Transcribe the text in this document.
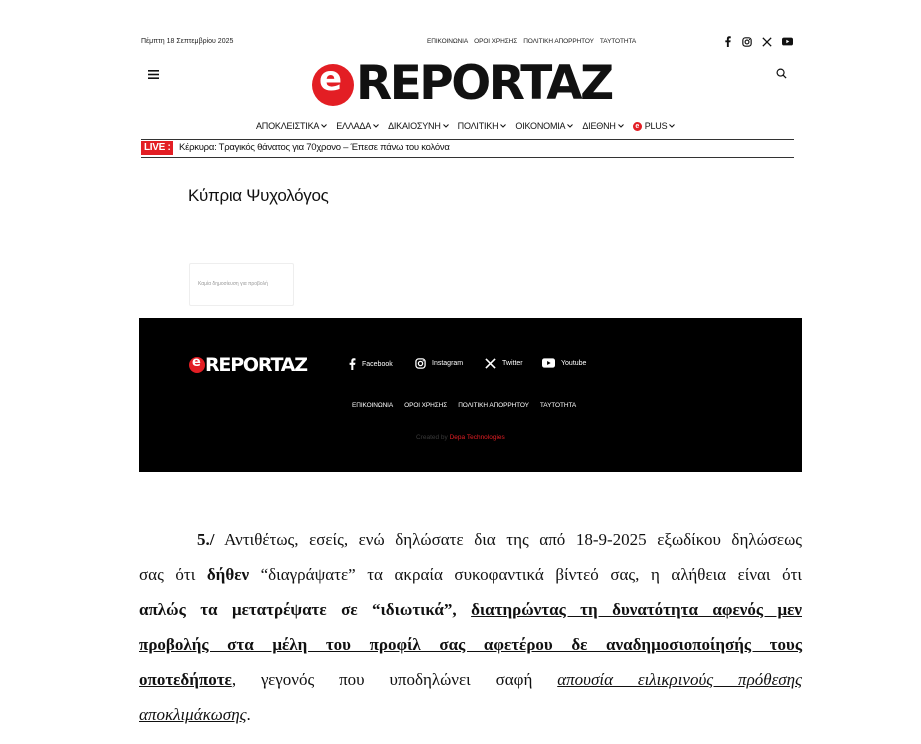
Πέμπτη 18 Σεπτεμβρίου 2025	ΕΠΙΚΟΙΝΩΝΙΑ ΟΡΟΙ ΧΡΗΣΗΣ ΠΟΛΙΤΙΚΗ ΑΠΟΡΡΗΤΟΥ ΤΑΥΤΟΤΗΤΑ
e REPORTAZ
ΑΠΟΚΛΕΙΣΤΙΚΑ ΕΛΛΑΔΑ ΔΙΚΑΙΟΣΥΝΗ ΠΟΛΙΤΙΚΗ ΟΙΚΟΝΟΜΙΑ ΔΙΕΘΝΗ	e PLUS
LIVE : Κέρκυρα: Τραγικός θάνατος για 70χρονο – Έπεσε πάνω του κολόνα
Κύπρια Ψυχολόγος
Καμία δημοσίευση για προβολή
e REPORTAZ	Facebook	Instagram	Twitter	Youtube
ΕΠΙΚΟΙΝΩΝΙΑ ΟΡΟΙ ΧΡΗΣΗΣ ΠΟΛΙΤΙΚΗ ΑΠΟΡΡΗΤΟΥ ΤΑΥΤΟΤΗΤΑ
Created by Depa Technologies
5./ Αντιθέτως, εσείς, ενώ δηλώσατε δια της από 18-9-2025 εξωδίκου δηλώσεως
σας ότι δήθεν “διαγράψατε” τα ακραία συκοφαντικά βίντεό σας, η αλήθεια είναι ότι
απλώς τα μετατρέψατε σε “ιδιωτικά”, διατηρώντας τη δυνατότητα αφενός μεν
προβολής στα μέλη του προφίλ σας αφετέρου δε αναδημοσιοποίησής τους
οποτεδήποτε, γεγονός που υποδηλώνει σαφή απουσία ειλικρινούς πρόθεσης
αποκλιμάκωσης.
